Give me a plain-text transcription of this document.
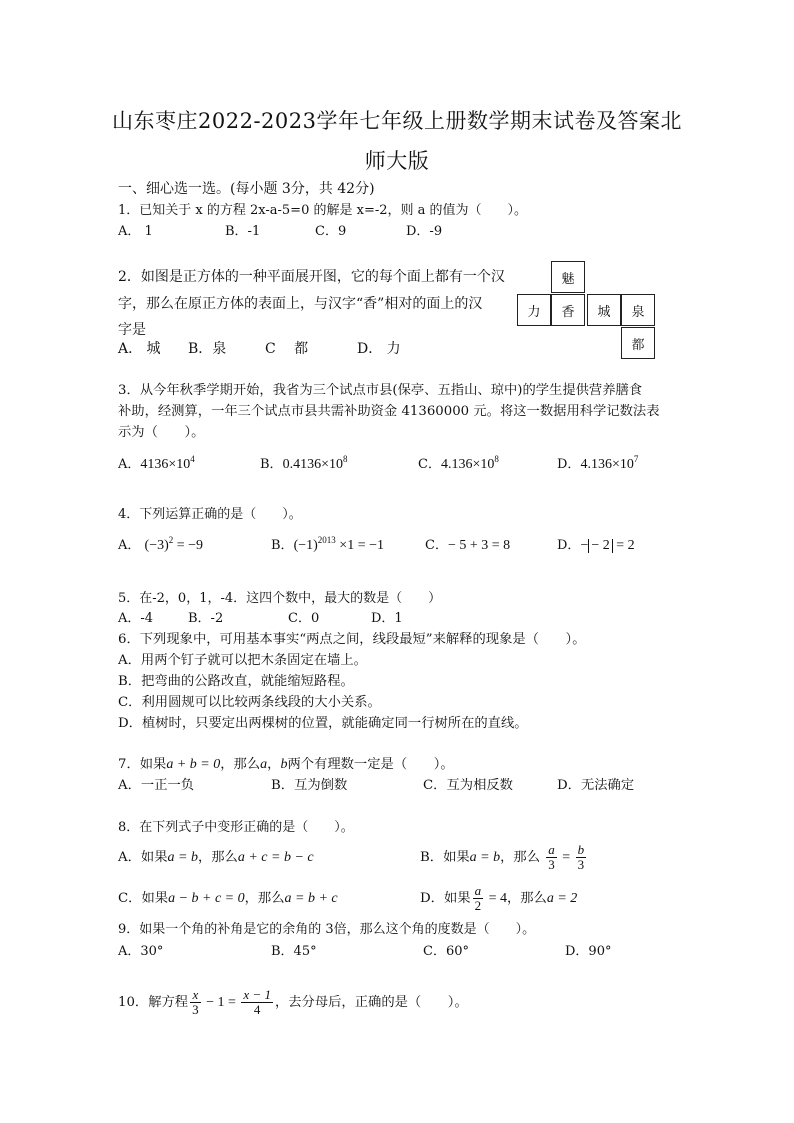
山东枣庄2022-2023学年七年级上册数学期末试卷及答案北
师大版
一、细心选一选。(每小题 3分，共 42分)
1．已知关于 x 的方程 2x-a-5=0 的解是 x=-2，则 a 的值为（　　）。
A． 1	B．-1	C．9	D．-9
2．如图是正方体的一种平面展开图，它的每个面上都有一个汉
字，那么在原正方体的表面上，与汉字“香”相对的面上的汉
字是
A． 城 B．泉	C　 都	D． 力
魅
力	香	城	泉
都
3．从今年秋季学期开始，我省为三个试点市县(保亭、五指山、琼中)的学生提供营养膳食
补助，经测算，一年三个试点市县共需补助资金 41360000 元。将这一数据用科学记数法表
示为（　　）。
A．$4136\times 10^4$	B．$0.4136\times 10^8$	C．$4.136\times 10^8$	D．$4.136\times 10^7$
4．下列运算正确的是（　　）。
A． $(-3)^2 = -9$	B．$(-1)^{2013} \times 1 = -1$	C．− 5 + 3 = 8	D．− − 2 = 2
5．在-2，0，1，-4．这四个数中，最大的数是（　　）
A．-4	B．-2	C．0	D．1
6．下列现象中，可用基本事实“两点之间，线段最短”来解释的现象是（　　）。
A．用两个钉子就可以把木条固定在墙上。
B．把弯曲的公路改直，就能缩短路程。
C．利用圆规可以比较两条线段的大小关系。
D．植树时，只要定出两棵树的位置，就能确定同一行树所在的直线。
7．如果a + b = 0，那么a，b两个有理数一定是（　　）。
A．一正一负	B．互为倒数	C．互为相反数	D．无法确定
8．在下列式子中变形正确的是（　　）。
A．如果a = b，那么a + c = b − c	B．如果a = b，那么 $\frac{a}{3} = \frac{b}{3}$
C．如果a − b + c = 0，那么a = b + c	D．如果 $\frac{a}{2} = 4$，那么a = 2
9．如果一个角的补角是它的余角的 3倍，那么这个角的度数是（　　）。
A．30°	B．45°	C．60°	D．90°
10．解方程 $\frac{x}{3} - 1 = \frac{x - 1}{4}$ ，去分母后，正确的是（　　）。
